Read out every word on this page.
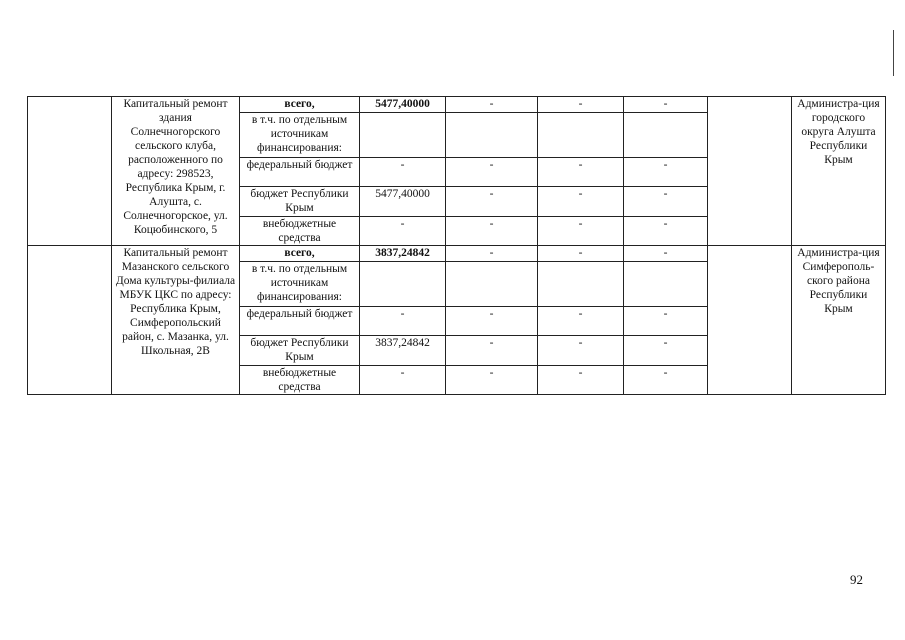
	Капитальный ремонт здания Солнечногорского сельского клуба, расположенного по адресу: 298523, Республика Крым, г. Алушта, с. Солнечногорское, ул. Коцюбинского, 5	всего,	5477,40000	-	-	-		Администра-ция городского округа Алушта Республики Крым
		в т.ч. по отдельным источникам финансирования:						
		федеральный бюджет	-	-	-	-		
		бюджет Республики Крым	5477,40000	-	-	-		
		внебюджетные средства	-	-	-	-		
	Капитальный ремонт Мазанского сельского Дома культуры-филиала МБУК ЦКС по адресу: Республика Крым, Симферопольский район, с. Мазанка, ул. Школьная, 2В	всего,	3837,24842	-	-	-		Администра-ция Симферополь-ского района Республики Крым
		в т.ч. по отдельным источникам финансирования:						
		федеральный бюджет	-	-	-	-		
		бюджет Республики Крым	3837,24842	-	-	-		
		внебюджетные средства	-	-	-	-		
92
